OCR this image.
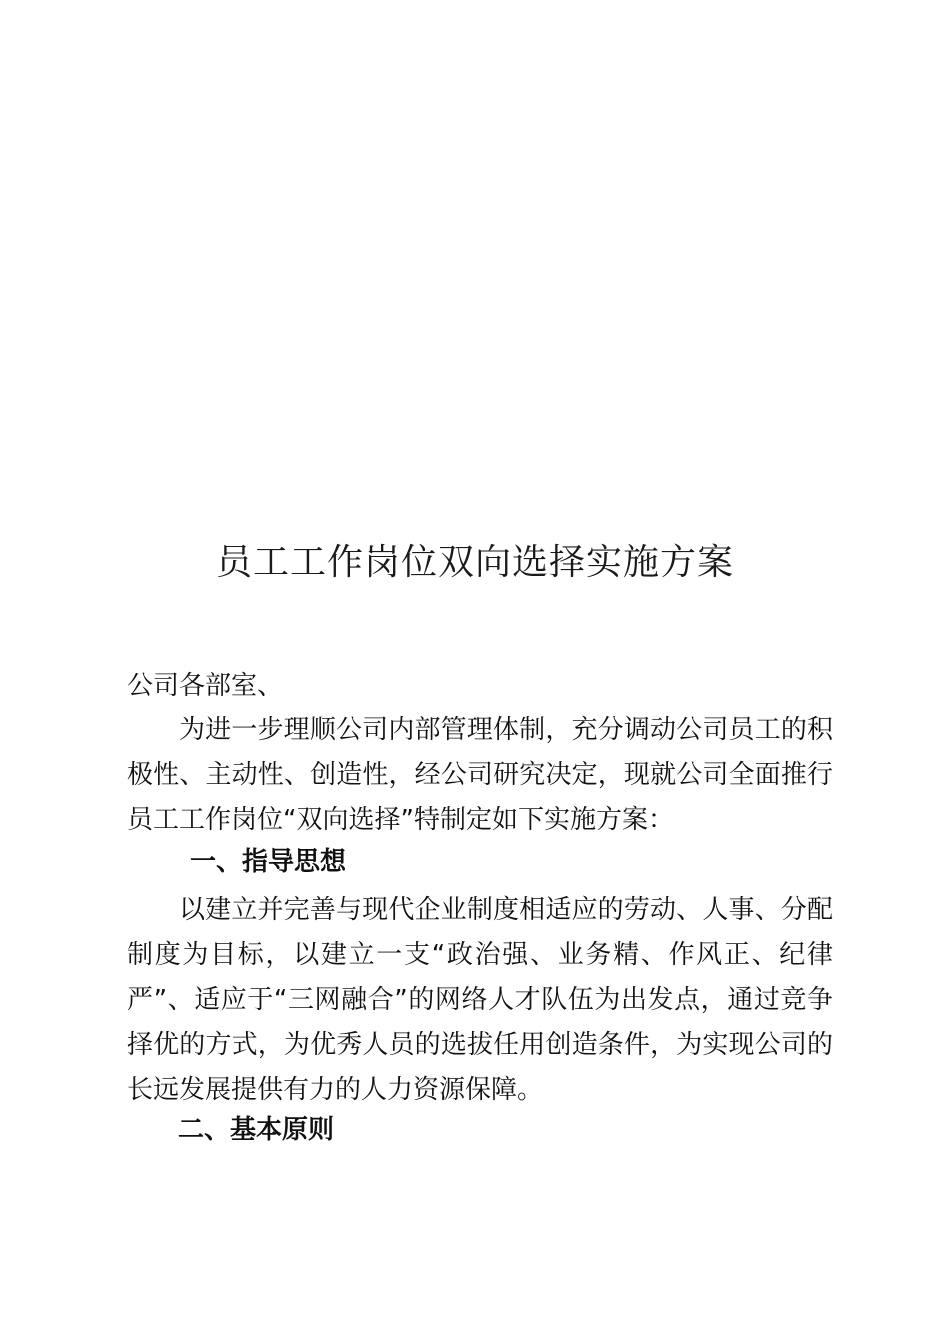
员工工作岗位双向选择实施方案
公司各部室、

为进一步理顺公司内部管理体制，充分调动公司员工的积极性、主动性、创造性，经公司研究决定，现就公司全面推行员工工作岗位“双向选择”特制定如下实施方案：

一、指导思想

以建立并完善与现代企业制度相适应的劳动、人事、分配制度为目标，以建立一支“政治强、业务精、作风正、纪律严”、适应于“三网融合”的网络人才队伍为出发点，通过竞争择优的方式，为优秀人员的选拔任用创造条件，为实现公司的长远发展提供有力的人力资源保障。

二、基本原则
